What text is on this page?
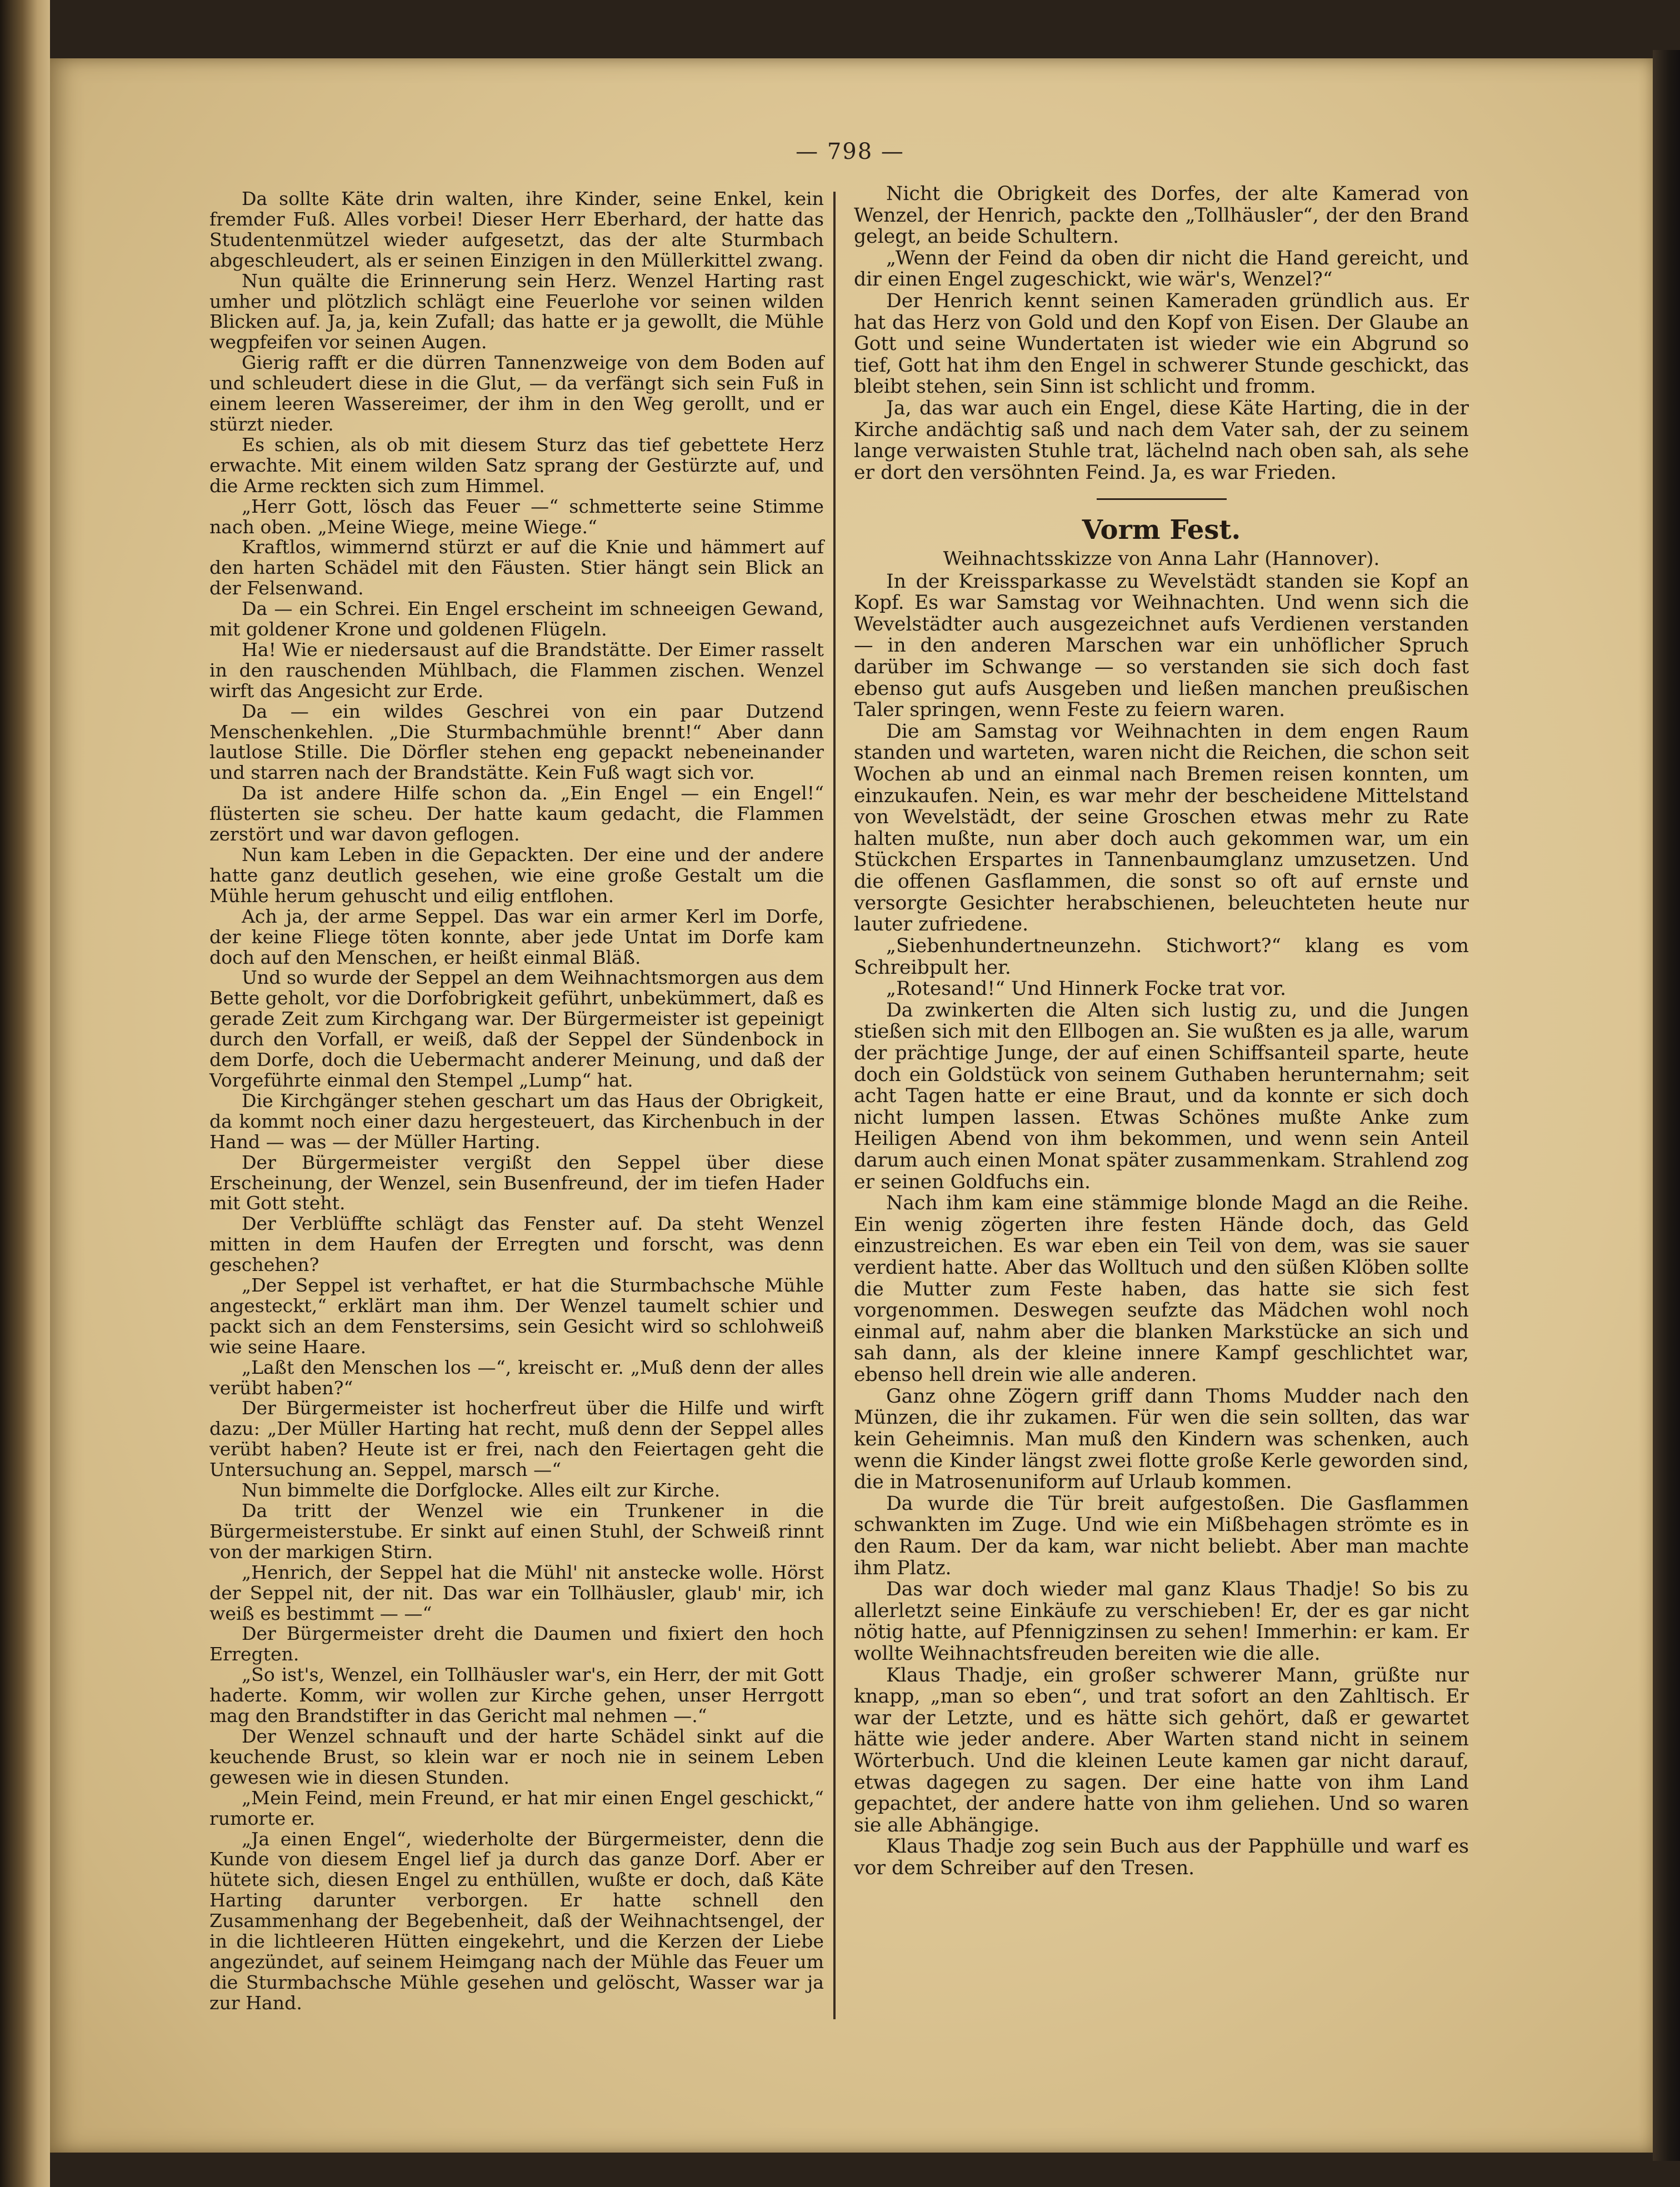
— 798 —

Da sollte Käte drin walten, ihre Kinder, seine Enkel, kein fremder Fuß. Alles vorbei! Dieser Herr Eberhard, der hatte das Studentenmützel wieder aufgesetzt, das der alte Sturmbach abgeschleudert, als er seinen Einzigen in den Müllerkittel zwang.

Nun quälte die Erinnerung sein Herz. Wenzel Harting rast umher und plötzlich schlägt eine Feuerlohe vor seinen wilden Blicken auf. Ja, ja, kein Zufall; das hatte er ja gewollt, die Mühle wegpfeifen vor seinen Augen.

Gierig rafft er die dürren Tannenzweige von dem Boden auf und schleudert diese in die Glut, — da verfängt sich sein Fuß in einem leeren Wassereimer, der ihm in den Weg gerollt, und er stürzt nieder.

Es schien, als ob mit diesem Sturz das tief gebettete Herz erwachte. Mit einem wilden Satz sprang der Gestürzte auf, und die Arme reckten sich zum Himmel.

„Herr Gott, lösch das Feuer —“ schmetterte seine Stimme nach oben. „Meine Wiege, meine Wiege.“

Kraftlos, wimmernd stürzt er auf die Knie und hämmert auf den harten Schädel mit den Fäusten. Stier hängt sein Blick an der Felsenwand.

Da — ein Schrei. Ein Engel erscheint im schneeigen Gewand, mit goldener Krone und goldenen Flügeln.

Ha! Wie er niedersaust auf die Brandstätte. Der Eimer rasselt in den rauschenden Mühlbach, die Flammen zischen. Wenzel wirft das Angesicht zur Erde.

Da — ein wildes Geschrei von ein paar Dutzend Menschenkehlen. „Die Sturmbachmühle brennt!“ Aber dann lautlose Stille. Die Dörfler stehen eng gepackt nebeneinander und starren nach der Brandstätte. Kein Fuß wagt sich vor.

Da ist andere Hilfe schon da. „Ein Engel — ein Engel!“ flüsterten sie scheu. Der hatte kaum gedacht, die Flammen zerstört und war davon geflogen.

Nun kam Leben in die Gepackten. Der eine und der andere hatte ganz deutlich gesehen, wie eine große Gestalt um die Mühle herum gehuscht und eilig entflohen.

Ach ja, der arme Seppel. Das war ein armer Kerl im Dorfe, der keine Fliege töten konnte, aber jede Untat im Dorfe kam doch auf den Menschen, er heißt einmal Bläß.

Und so wurde der Seppel an dem Weihnachtsmorgen aus dem Bette geholt, vor die Dorfobrigkeit geführt, unbekümmert, daß es gerade Zeit zum Kirchgang war. Der Bürgermeister ist gepeinigt durch den Vorfall, er weiß, daß der Seppel der Sündenbock in dem Dorfe, doch die Uebermacht anderer Meinung, und daß der Vorgeführte einmal den Stempel „Lump“ hat.

Die Kirchgänger stehen geschart um das Haus der Obrigkeit, da kommt noch einer dazu hergesteuert, das Kirchenbuch in der Hand — was — der Müller Harting.

Der Bürgermeister vergißt den Seppel über diese Erscheinung, der Wenzel, sein Busenfreund, der im tiefen Hader mit Gott steht.

Der Verblüffte schlägt das Fenster auf. Da steht Wenzel mitten in dem Haufen der Erregten und forscht, was denn geschehen?

„Der Seppel ist verhaftet, er hat die Sturmbachsche Mühle angesteckt,“ erklärt man ihm. Der Wenzel taumelt schier und packt sich an dem Fenstersims, sein Gesicht wird so schlohweiß wie seine Haare.

„Laßt den Menschen los —“, kreischt er. „Muß denn der alles verübt haben?“

Der Bürgermeister ist hocherfreut über die Hilfe und wirft dazu: „Der Müller Harting hat recht, muß denn der Seppel alles verübt haben? Heute ist er frei, nach den Feiertagen geht die Untersuchung an. Seppel, marsch —“

Nun bimmelte die Dorfglocke. Alles eilt zur Kirche.

Da tritt der Wenzel wie ein Trunkener in die Bürgermeisterstube. Er sinkt auf einen Stuhl, der Schweiß rinnt von der markigen Stirn.

„Henrich, der Seppel hat die Mühl' nit anstecke wolle. Hörst der Seppel nit, der nit. Das war ein Tollhäusler, glaub' mir, ich weiß es bestimmt — —“

Der Bürgermeister dreht die Daumen und fixiert den hoch Erregten.

„So ist's, Wenzel, ein Tollhäusler war's, ein Herr, der mit Gott haderte. Komm, wir wollen zur Kirche gehen, unser Herrgott mag den Brandstifter in das Gericht mal nehmen —.“

Der Wenzel schnauft und der harte Schädel sinkt auf die keuchende Brust, so klein war er noch nie in seinem Leben gewesen wie in diesen Stunden.

„Mein Feind, mein Freund, er hat mir einen Engel geschickt,“ rumorte er.

„Ja einen Engel“, wiederholte der Bürgermeister, denn die Kunde von diesem Engel lief ja durch das ganze Dorf. Aber er hütete sich, diesen Engel zu enthüllen, wußte er doch, daß Käte Harting darunter verborgen. Er hatte schnell den Zusammenhang der Begebenheit, daß der Weihnachtsengel, der in die lichtleeren Hütten eingekehrt, und die Kerzen der Liebe angezündet, auf seinem Heimgang nach der Mühle das Feuer um die Sturmbachsche Mühle gesehen und gelöscht, Wasser war ja zur Hand.

Nicht die Obrigkeit des Dorfes, der alte Kamerad von Wenzel, der Henrich, packte den „Tollhäusler“, der den Brand gelegt, an beide Schultern.

„Wenn der Feind da oben dir nicht die Hand gereicht, und dir einen Engel zugeschickt, wie wär's, Wenzel?“

Der Henrich kennt seinen Kameraden gründlich aus. Er hat das Herz von Gold und den Kopf von Eisen. Der Glaube an Gott und seine Wundertaten ist wieder wie ein Abgrund so tief, Gott hat ihm den Engel in schwerer Stunde geschickt, das bleibt stehen, sein Sinn ist schlicht und fromm.

Ja, das war auch ein Engel, diese Käte Harting, die in der Kirche andächtig saß und nach dem Vater sah, der zu seinem lange verwaisten Stuhle trat, lächelnd nach oben sah, als sehe er dort den versöhnten Feind. Ja, es war Frieden.

Vorm Fest.

Weihnachtsskizze von Anna Lahr (Hannover).

In der Kreissparkasse zu Wevelstädt standen sie Kopf an Kopf. Es war Samstag vor Weihnachten. Und wenn sich die Wevelstädter auch ausgezeichnet aufs Verdienen verstanden — in den anderen Marschen war ein unhöflicher Spruch darüber im Schwange — so verstanden sie sich doch fast ebenso gut aufs Ausgeben und ließen manchen preußischen Taler springen, wenn Feste zu feiern waren.

Die am Samstag vor Weihnachten in dem engen Raum standen und warteten, waren nicht die Reichen, die schon seit Wochen ab und an einmal nach Bremen reisen konnten, um einzukaufen. Nein, es war mehr der bescheidene Mittelstand von Wevelstädt, der seine Groschen etwas mehr zu Rate halten mußte, nun aber doch auch gekommen war, um ein Stückchen Erspartes in Tannenbaumglanz umzusetzen. Und die offenen Gasflammen, die sonst so oft auf ernste und versorgte Gesichter herabschienen, beleuchteten heute nur lauter zufriedene.

„Siebenhundertneunzehn. Stichwort?“ klang es vom Schreibpult her.

„Rotesand!“ Und Hinnerk Focke trat vor.

Da zwinkerten die Alten sich lustig zu, und die Jungen stießen sich mit den Ellbogen an. Sie wußten es ja alle, warum der prächtige Junge, der auf einen Schiffsanteil sparte, heute doch ein Goldstück von seinem Guthaben herunternahm; seit acht Tagen hatte er eine Braut, und da konnte er sich doch nicht lumpen lassen. Etwas Schönes mußte Anke zum Heiligen Abend von ihm bekommen, und wenn sein Anteil darum auch einen Monat später zusammenkam. Strahlend zog er seinen Goldfuchs ein.

Nach ihm kam eine stämmige blonde Magd an die Reihe. Ein wenig zögerten ihre festen Hände doch, das Geld einzustreichen. Es war eben ein Teil von dem, was sie sauer verdient hatte. Aber das Wolltuch und den süßen Klöben sollte die Mutter zum Feste haben, das hatte sie sich fest vorgenommen. Deswegen seufzte das Mädchen wohl noch einmal auf, nahm aber die blanken Markstücke an sich und sah dann, als der kleine innere Kampf geschlichtet war, ebenso hell drein wie alle anderen.

Ganz ohne Zögern griff dann Thoms Mudder nach den Münzen, die ihr zukamen. Für wen die sein sollten, das war kein Geheimnis. Man muß den Kindern was schenken, auch wenn die Kinder längst zwei flotte große Kerle geworden sind, die in Matrosenuniform auf Urlaub kommen.

Da wurde die Tür breit aufgestoßen. Die Gasflammen schwankten im Zuge. Und wie ein Mißbehagen strömte es in den Raum. Der da kam, war nicht beliebt. Aber man machte ihm Platz.

Das war doch wieder mal ganz Klaus Thadje! So bis zu allerletzt seine Einkäufe zu verschieben! Er, der es gar nicht nötig hatte, auf Pfennigzinsen zu sehen! Immerhin: er kam. Er wollte Weihnachtsfreuden bereiten wie die alle.

Klaus Thadje, ein großer schwerer Mann, grüßte nur knapp, „man so eben“, und trat sofort an den Zahltisch. Er war der Letzte, und es hätte sich gehört, daß er gewartet hätte wie jeder andere. Aber Warten stand nicht in seinem Wörterbuch. Und die kleinen Leute kamen gar nicht darauf, etwas dagegen zu sagen. Der eine hatte von ihm Land gepachtet, der andere hatte von ihm geliehen. Und so waren sie alle Abhängige.

Klaus Thadje zog sein Buch aus der Papphülle und warf es vor dem Schreiber auf den Tresen.
